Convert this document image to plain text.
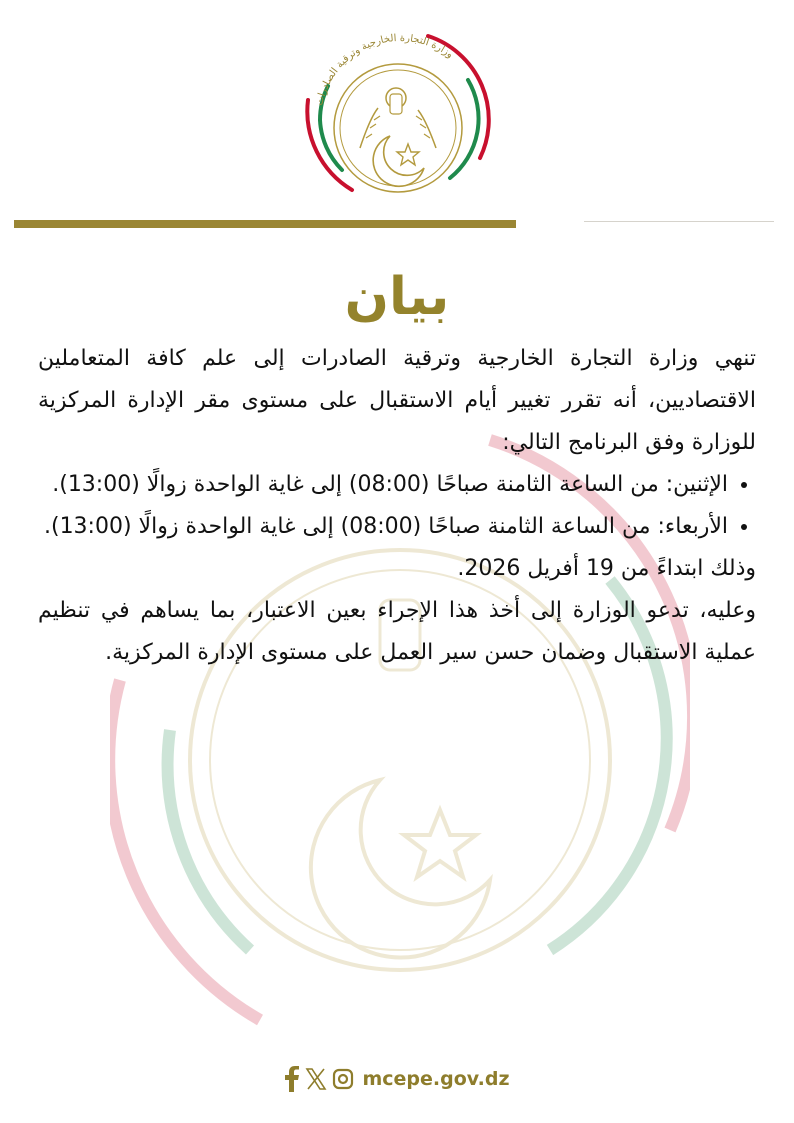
وزارة التجارة الخارجية وترقية الصادرات
بيان

تنهي وزارة التجارة الخارجية وترقية الصادرات إلى علم كافة المتعاملين الاقتصاديين، أنه تقرر تغيير أيام الاستقبال على مستوى مقر الإدارة المركزية للوزارة وفق البرنامج التالي:

• الإثنين: من الساعة الثامنة صباحًا (08:00) إلى غاية الواحدة زوالًا (13:00).
• الأربعاء: من الساعة الثامنة صباحًا (08:00) إلى غاية الواحدة زوالًا (13:00).

وذلك ابتداءً من 19 أفريل 2026.

وعليه، تدعو الوزارة إلى أخذ هذا الإجراء بعين الاعتبار، بما يساهم في تنظيم عملية الاستقبال وضمان حسن سير العمل على مستوى الإدارة المركزية.

mcepe.gov.dz
